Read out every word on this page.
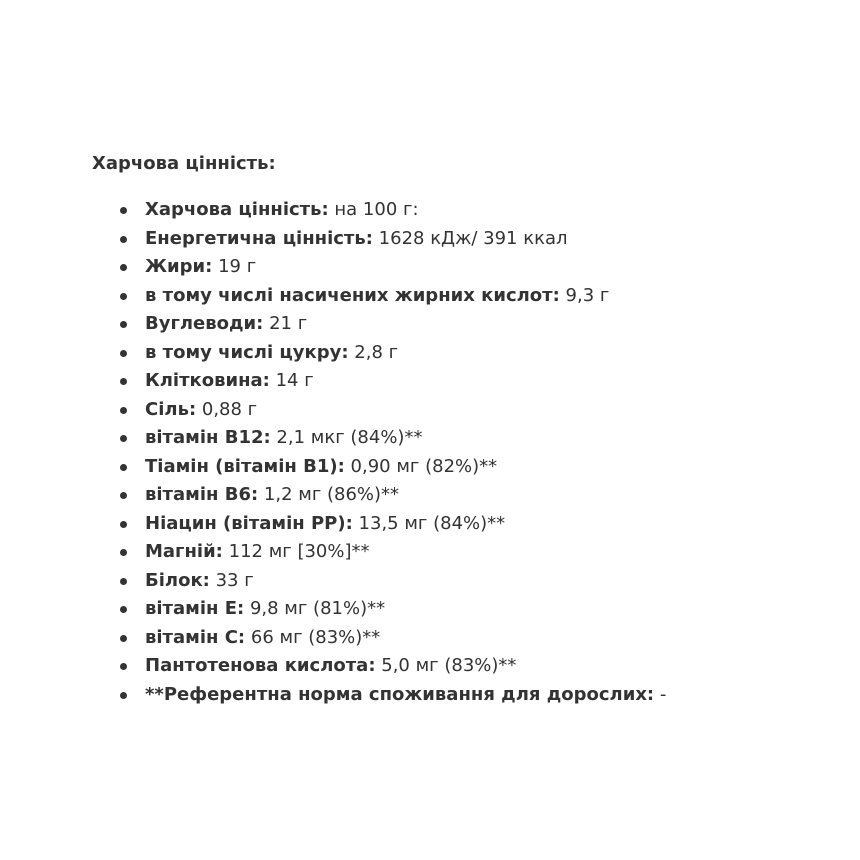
Харчова цінність:
Харчова цінність: на 100 г:
Енергетична цінність: 1628 кДж/ 391 ккал
Жири: 19 г
в тому числі насичених жирних кислот: 9,3 г
Вуглеводи: 21 г
в тому числі цукру: 2,8 г
Клітковина: 14 г
Сіль: 0,88 г
вітамін B12: 2,1 мкг (84%)**
Тіамін (вітамін B1): 0,90 мг (82%)**
вітамін B6: 1,2 мг (86%)**
Ніацин (вітамін PP): 13,5 мг (84%)**
Магній: 112 мг [30%]**
Білок: 33 г
вітамін E: 9,8 мг (81%)**
вітамін C: 66 мг (83%)**
Пантотенова кислота: 5,0 мг (83%)**
**Референтна норма споживання для дорослих: -
